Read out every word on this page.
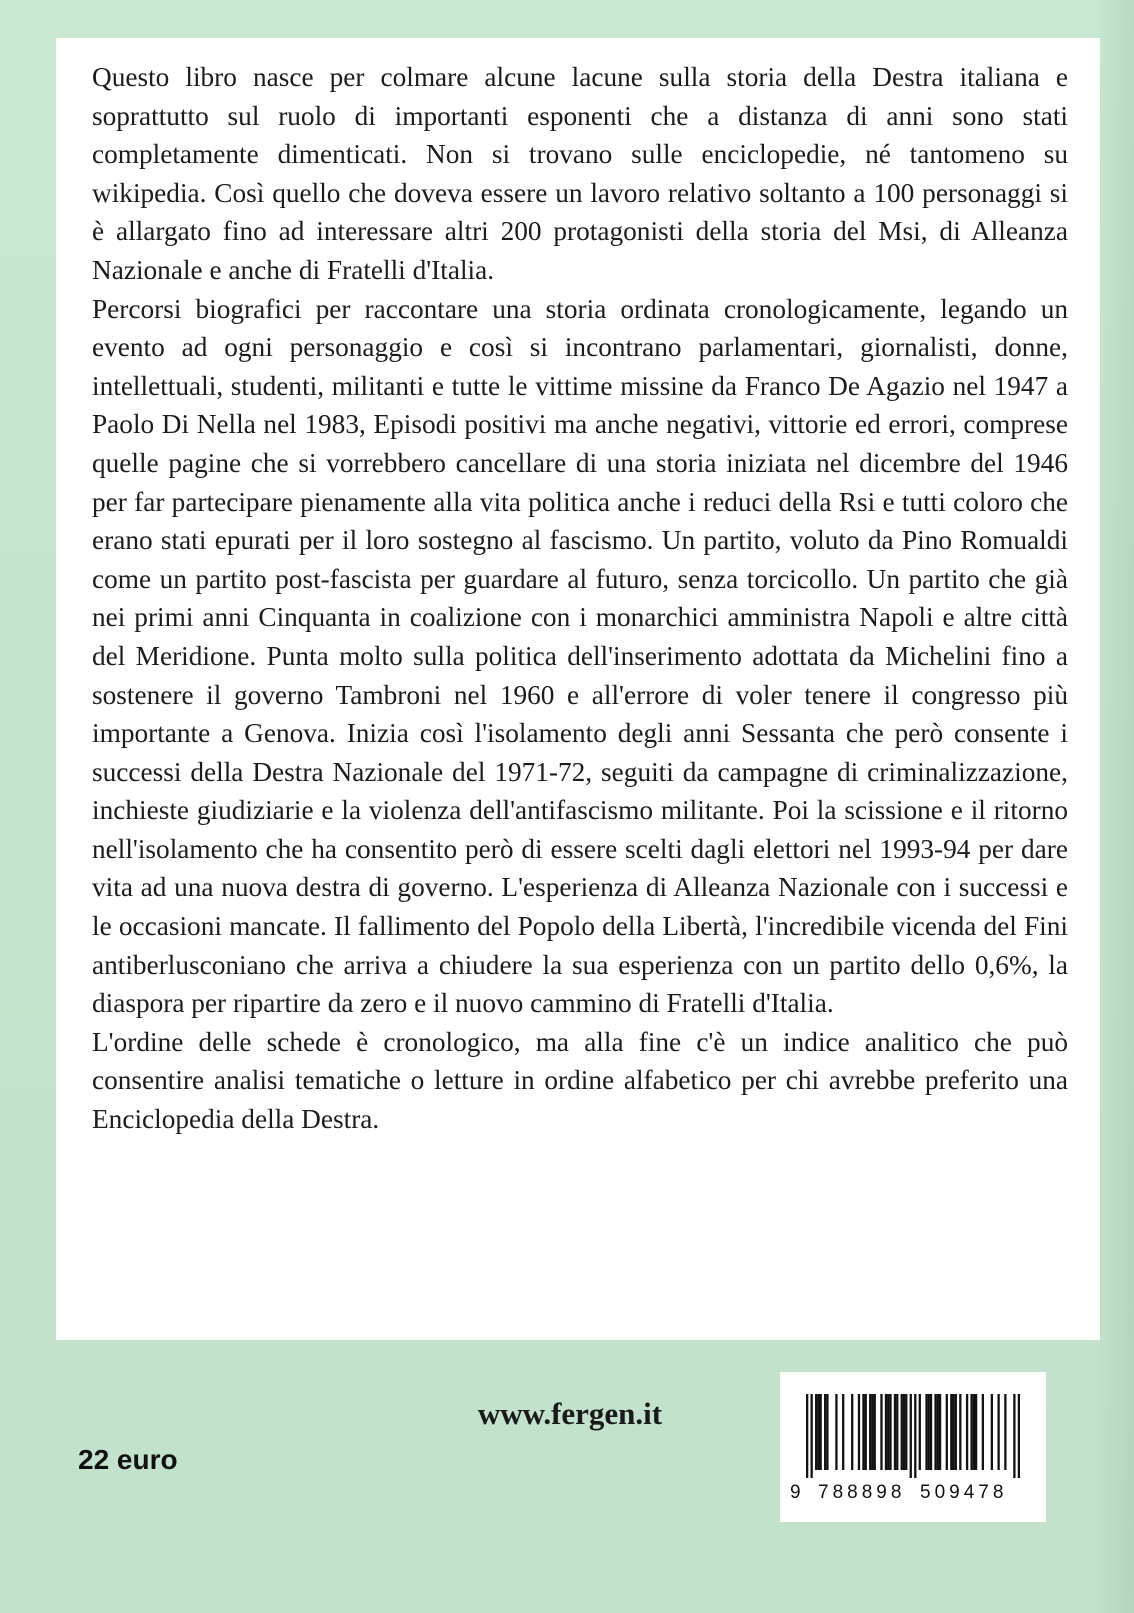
Questo libro nasce per colmare alcune lacune sulla storia della Destra italiana e soprattutto sul ruolo di importanti esponenti che a distanza di anni sono stati completamente dimenticati. Non si trovano sulle enciclopedie, né tantomeno su wikipedia. Così quello che doveva essere un lavoro relativo soltanto a 100 personaggi si è allargato fino ad interessare altri 200 protagonisti della storia del Msi, di Alleanza Nazionale e anche di Fratelli d'Italia.

Percorsi biografici per raccontare una storia ordinata cronologicamente, legando un evento ad ogni personaggio e così si incontrano parlamentari, giornalisti, donne, intellettuali, studenti, militanti e tutte le vittime missine da Franco De Agazio nel 1947 a Paolo Di Nella nel 1983, Episodi positivi ma anche negativi, vittorie ed errori, comprese quelle pagine che si vorrebbero cancellare di una storia iniziata nel dicembre del 1946 per far partecipare pienamente alla vita politica anche i reduci della Rsi e tutti coloro che erano stati epurati per il loro sostegno al fascismo. Un partito, voluto da Pino Romualdi come un partito post-fascista per guardare al futuro, senza torcicollo. Un partito che già nei primi anni Cinquanta in coalizione con i monarchici amministra Napoli e altre città del Meridione. Punta molto sulla politica dell'inserimento adottata da Michelini fino a sostenere il governo Tambroni nel 1960 e all'errore di voler tenere il congresso più importante a Genova. Inizia così l'isolamento degli anni Sessanta che però consente i successi della Destra Nazionale del 1971-72, seguiti da campagne di criminalizzazione, inchieste giudiziarie e la violenza dell'antifascismo militante. Poi la scissione e il ritorno nell'isolamento che ha consentito però di essere scelti dagli elettori nel 1993-94 per dare vita ad una nuova destra di governo. L'esperienza di Alleanza Nazionale con i successi e le occasioni mancate. Il fallimento del Popolo della Libertà, l'incredibile vicenda del Fini antiberlusconiano che arriva a chiudere la sua esperienza con un partito dello 0,6%, la diaspora per ripartire da zero e il nuovo cammino di Fratelli d'Italia.

L'ordine delle schede è cronologico, ma alla fine c'è un indice analitico che può consentire analisi tematiche o letture in ordine alfabetico per chi avrebbe preferito una Enciclopedia della Destra.

www.fergen.it

22 euro

9 788898 509478
